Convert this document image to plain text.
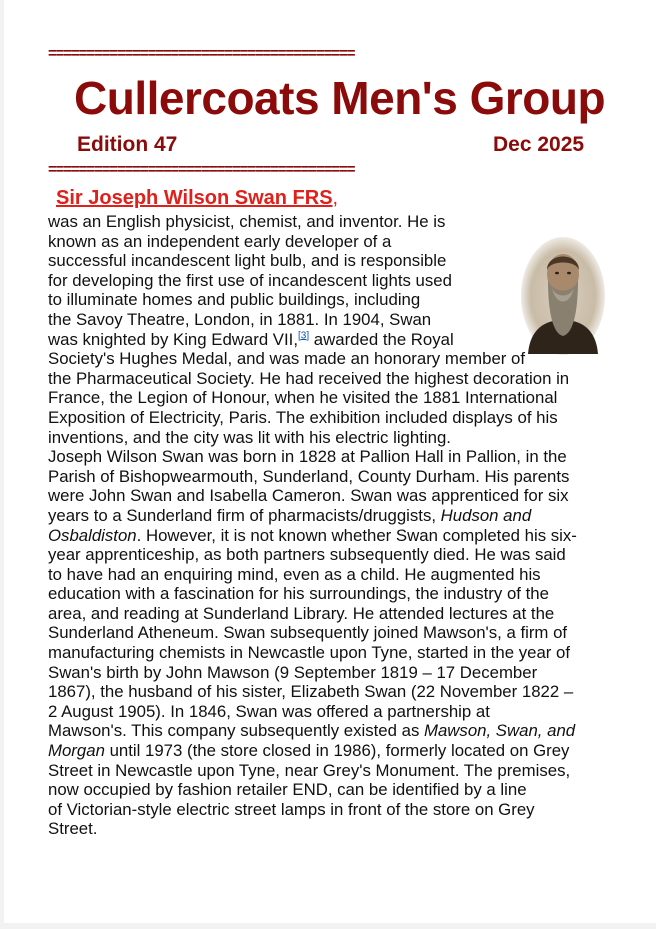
========================================
Cullercoats Men's Group
Edition 47	Dec 2025
========================================
Sir Joseph Wilson Swan FRS,
was an English physicist, chemist, and inventor. He is
known as an independent early developer of a
successful incandescent light bulb, and is responsible
for developing the first use of incandescent lights used
to illuminate homes and public buildings, including
the Savoy Theatre, London, in 1881. In 1904, Swan
was knighted by King Edward VII,[3] awarded the Royal
Society's Hughes Medal, and was made an honorary member of
the Pharmaceutical Society. He had received the highest decoration in
France, the Legion of Honour, when he visited the 1881 International
Exposition of Electricity, Paris. The exhibition included displays of his
inventions, and the city was lit with his electric lighting.
Joseph Wilson Swan was born in 1828 at Pallion Hall in Pallion, in the
Parish of Bishopwearmouth, Sunderland, County Durham. His parents
were John Swan and Isabella Cameron. Swan was apprenticed for six
years to a Sunderland firm of pharmacists/druggists, Hudson and
Osbaldiston. However, it is not known whether Swan completed his six-
year apprenticeship, as both partners subsequently died. He was said
to have had an enquiring mind, even as a child. He augmented his
education with a fascination for his surroundings, the industry of the
area, and reading at Sunderland Library. He attended lectures at the
Sunderland Atheneum. Swan subsequently joined Mawson's, a firm of
manufacturing chemists in Newcastle upon Tyne, started in the year of
Swan's birth by John Mawson (9 September 1819 – 17 December
1867), the husband of his sister, Elizabeth Swan (22 November 1822 –
2 August 1905). In 1846, Swan was offered a partnership at
Mawson's. This company subsequently existed as Mawson, Swan, and
Morgan until 1973 (the store closed in 1986), formerly located on Grey
Street in Newcastle upon Tyne, near Grey's Monument. The premises,
now occupied by fashion retailer END, can be identified by a line
of Victorian-style electric street lamps in front of the store on Grey
Street.
